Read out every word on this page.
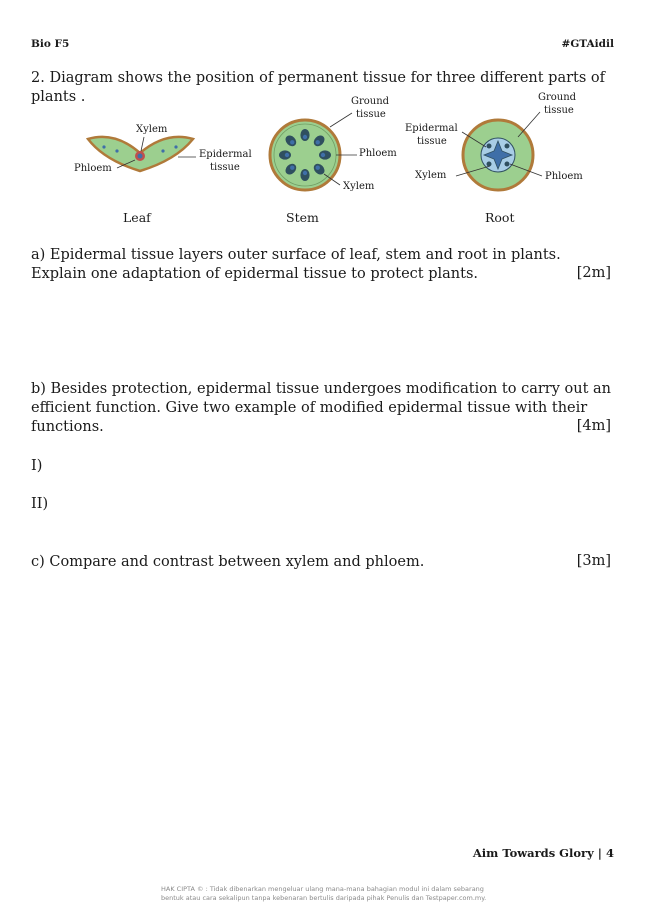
Bio F5	#GTAidil
2. Diagram shows the position of permanent tissue for three different parts of
plants .
Xylem
Phloem
Epidermal
tissue
Ground
tissue
Phloem
Xylem
Ground
tissue
Epidermal
tissue
Xylem	Phloem
Leaf	Stem	Root
a) Epidermal tissue layers outer surface of leaf, stem and root in plants.
Explain one adaptation of epidermal tissue to protect plants.	[2m]
b) Besides protection, epidermal tissue undergoes modification to carry out an
efficient function. Give two example of modified epidermal tissue with their
functions.	[4m]
I)
II)
c) Compare and contrast between xylem and phloem.	[3m]
Aim Towards Glory | 4
HAK CIPTA © : Tidak dibenarkan mengeluar ulang mana-mana bahagian modul ini dalam sebarang
bentuk atau cara sekalipun tanpa kebenaran bertulis daripada pihak Penulis dan Testpaper.com.my.
